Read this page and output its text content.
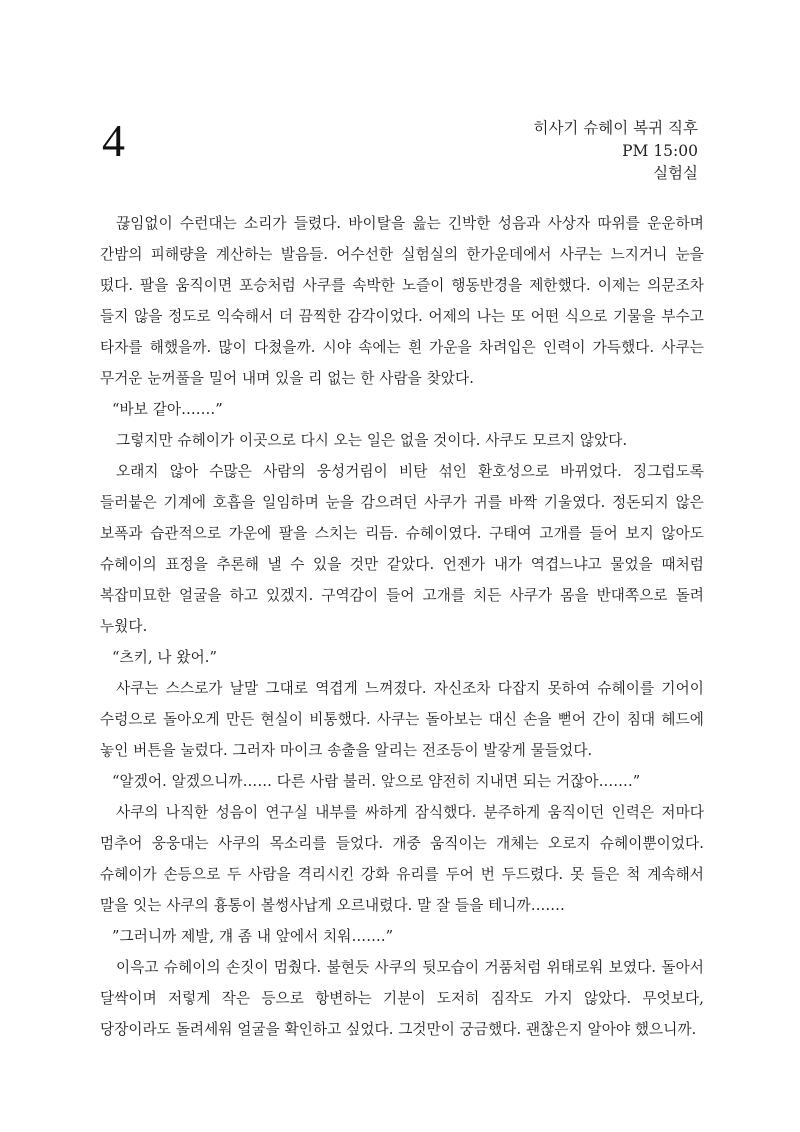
4	히사기 슈헤이 복귀 직후
PM 15:00
실험실

끊임없이 수런대는 소리가 들렸다. 바이탈을 읊는 긴박한 성음과 사상자 따위를 운운하며 간밤의 피해량을 계산하는 발음들. 어수선한 실험실의 한가운데에서 사쿠는 느지거니 눈을 떴다. 팔을 움직이면 포승처럼 사쿠를 속박한 노즐이 행동반경을 제한했다. 이제는 의문조차 들지 않을 정도로 익숙해서 더 끔찍한 감각이었다. 어제의 나는 또 어떤 식으로 기물을 부수고 타자를 해했을까. 많이 다쳤을까. 시야 속에는 흰 가운을 차려입은 인력이 가득했다. 사쿠는 무거운 눈꺼풀을 밀어 내며 있을 리 없는 한 사람을 찾았다.

“바보 같아…….”

그렇지만 슈헤이가 이곳으로 다시 오는 일은 없을 것이다. 사쿠도 모르지 않았다.

오래지 않아 수많은 사람의 웅성거림이 비탄 섞인 환호성으로 바뀌었다. 징그럽도록 들러붙은 기계에 호흡을 일임하며 눈을 감으려던 사쿠가 귀를 바짝 기울였다. 정돈되지 않은 보폭과 습관적으로 가운에 팔을 스치는 리듬. 슈헤이였다. 구태여 고개를 들어 보지 않아도 슈헤이의 표정을 추론해 낼 수 있을 것만 같았다. 언젠가 내가 역겹느냐고 물었을 때처럼 복잡미묘한 얼굴을 하고 있겠지. 구역감이 들어 고개를 치든 사쿠가 몸을 반대쪽으로 돌려 누웠다.

“츠키, 나 왔어.”

사쿠는 스스로가 날말 그대로 역겹게 느껴졌다. 자신조차 다잡지 못하여 슈헤이를 기어이 수렁으로 돌아오게 만든 현실이 비통했다. 사쿠는 돌아보는 대신 손을 뻗어 간이 침대 헤드에 놓인 버튼을 눌렀다. 그러자 마이크 송출을 알리는 전조등이 발갛게 물들었다.

“알겠어. 알겠으니까…… 다른 사람 불러. 앞으로 얌전히 지내면 되는 거잖아…….”

사쿠의 나직한 성음이 연구실 내부를 싸하게 잠식했다. 분주하게 움직이던 인력은 저마다 멈추어 웅웅대는 사쿠의 목소리를 들었다. 개중 움직이는 개체는 오로지 슈헤이뿐이었다. 슈헤이가 손등으로 두 사람을 격리시킨 강화 유리를 두어 번 두드렸다. 못 들은 척 계속해서 말을 잇는 사쿠의 흉통이 볼썽사납게 오르내렸다. 말 잘 들을 테니까…….

”그러니까 제발, 걔 좀 내 앞에서 치워…….”

이윽고 슈헤이의 손짓이 멈췄다. 불현듯 사쿠의 뒷모습이 거품처럼 위태로워 보였다. 돌아서 달싹이며 저렇게 작은 등으로 항변하는 기분이 도저히 짐작도 가지 않았다. 무엇보다, 당장이라도 돌려세워 얼굴을 확인하고 싶었다. 그것만이 궁금했다. 괜찮은지 알아야 했으니까.
